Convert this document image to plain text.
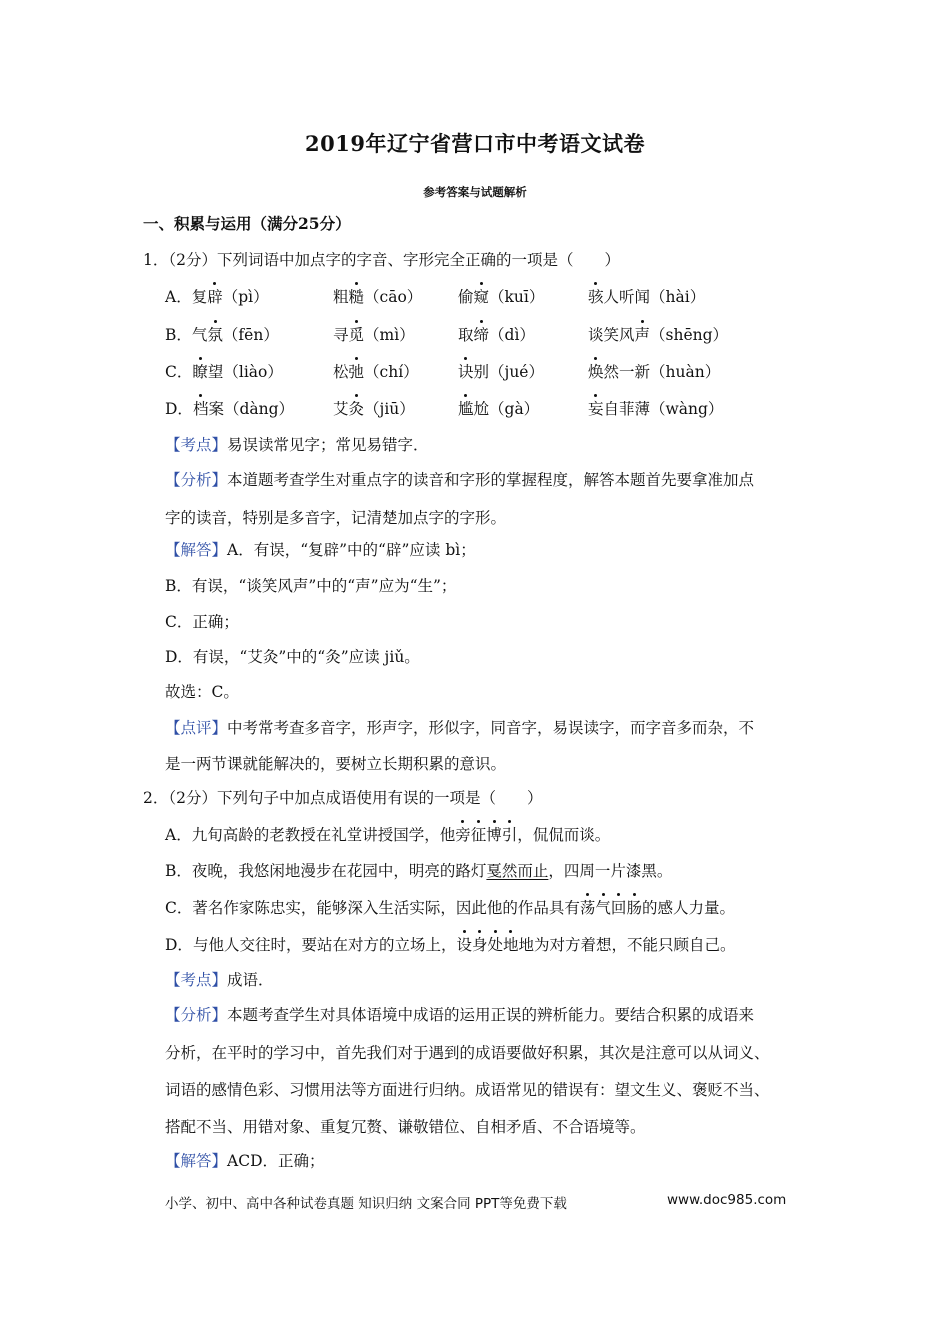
2019年辽宁省营口市中考语文试卷
参考答案与试题解析
一、积累与运用（满分25分）
1．（2分）下列词语中加点字的字音、字形完全正确的一项是（　　）
A．复辟（pì）	粗糙（cāo） 偷窥（kuī）	骇人听闻（hài）
B．气氛（fēn）	寻觅（mì）	取缔（dì）	谈笑风声（shēng）
C．瞭望（liào）	松弛（chí）	诀别（jué）	焕然一新（huàn）
D．档案（dàng）	艾灸（jiū）	尴尬（gà）	妄自菲薄（wàng）
【考点】易误读常见字；常见易错字．
【分析】本道题考查学生对重点字的读音和字形的掌握程度，解答本题首先要拿准加点
字的读音，特别是多音字，记清楚加点字的字形。
【解答】A．有误，“复辟”中的“辟”应读 bì；
B．有误，“谈笑风声”中的“声”应为“生”；
C．正确；
D．有误，“艾灸”中的“灸”应读 jiǔ。
故选：C。
【点评】中考常考查多音字，形声字，形似字，同音字，易误读字，而字音多而杂，不
是一两节课就能解决的，要树立长期积累的意识。
2．（2分）下列句子中加点成语使用有误的一项是（　　）
A．九旬高龄的老教授在礼堂讲授国学，他旁征博引，侃侃而谈。
B．夜晚，我悠闲地漫步在花园中，明亮的路灯戛然而止，四周一片漆黑。
C．著名作家陈忠实，能够深入生活实际，因此他的作品具有荡气回肠的感人力量。
D．与他人交往时，要站在对方的立场上，设身处地地为对方着想，不能只顾自己。
【考点】成语．
【分析】本题考查学生对具体语境中成语的运用正误的辨析能力。要结合积累的成语来
分析，在平时的学习中，首先我们对于遇到的成语要做好积累，其次是注意可以从词义、
词语的感情色彩、习惯用法等方面进行归纳。成语常见的错误有：望文生义、褒贬不当、
搭配不当、用错对象、重复冗赘、谦敬错位、自相矛盾、不合语境等。
【解答】ACD．正确；
小学、初中、高中各种试卷真题 知识归纳 文案合同 PPT等免费下载	www.doc985.com
